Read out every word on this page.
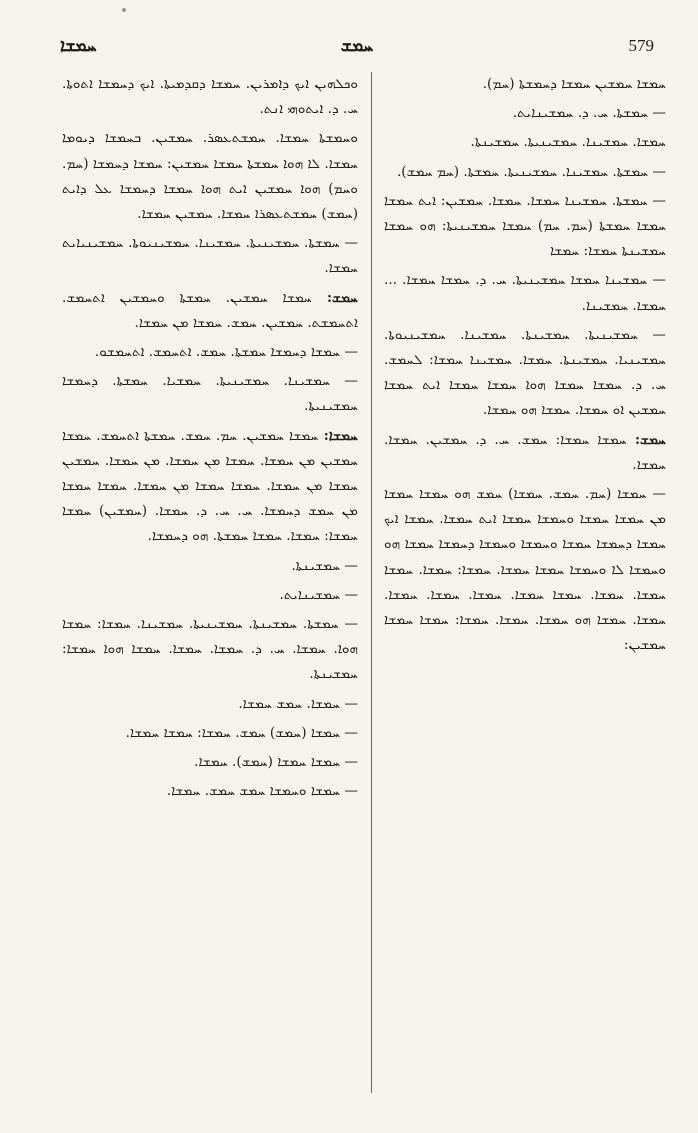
ܚܡܫܐ	ܚܡܫ	579

ܘܟܠܗܝܢ ܐܝܟ ܕܐܡܪܝܢ. ܚܡܫܐ ܕܩܕܡܝܬܐ. ܐܝܟ ܕܚܡܫܐ ܐܬܘܬܐ. ܚ. ܕ. ܐܝܬܘܗܝ ܐܢܬ.

ܘܚܡܫܬܐ ܚܡܫܐ. ܚܡܫܬܥܣܪ. ܚܡܫܝܢ. ܒܚܡܫܐ ܕܝܘܡܐ ܚܡܫܐ. ܠܐ ܗܘܐ ܚܡܫܬܐ ܚܡܫܐ ܚܡܫܝܢ: ܚܡܫܐ ܕܚܡܫܐ (ܚܡ. ܘܚܡ) ܗܘܐ ܚܡܫܝܢ ܐܝܬ ܗܘܐ ܚܡܫܐ ܕܚܡܫܐ ܥܠ ܕܐܝܬ (ܚܡܫ) ܚܡܫܬܥܣܪܐ ܚܡܫܐ. ܚܡܫܝܢ ܚܡܫܐ.

— ܚܡܫܬܐ. ܚܡܫܝܢܝܬܐ. ܚܡܫܝܢܐ. ܚܡܫܝܢܝܘܬܐ. ܚܡܫܝܢܝܐܝܬ ܚܡܫܐ.

ܚܡܫ: ܚܡܫܐ ܚܡܫܝܢ. ܚܡܫܬܐ ܘܚܡܫܝܢ ܐܬܚܡܫ. ܐܬܚܡܫܬ. ܚܡܫܝܢ. ܚܡܫ. ܚܡܫܐ ܡܢ ܚܡܫܐ.

— ܚܡܫܐ ܕܚܡܫܐ ܚܡܫܬܐ. ܚܡܫ. ܐܬܚܡܫ. ܐܬܚܡܫܘ.

— ܚܡܫܝܢܐ. ܚܡܫܝܢܝܬܐ. ܚܡܫܝܐ. ܚܡܫܬܐ. ܕܚܡܫܐ ܚܡܫܝܢܝܬܐ.

ܚܡܫܐ: ܚܡܫܐ ܚܡܫܝܢ. ܚܡ. ܚܡܫ. ܚܡܫܬܐ ܐܬܚܡܫ. ܚܡܫܐ ܚܡܫܝܢ ܡܢ ܚܡܫܐ. ܚܡܫܐ ܡܢ ܚܡܫܐ. ܡܢ ܚܡܫܐ. ܚܡܫܝܢ ܚܡܫܐ ܡܢ ܚܡܫܐ. ܚܡܫܐ ܚܡܫܐ ܡܢ ܚܡܫܐ. ܚܡܫܐ ܚܡܫܐ ܡܢ ܚܡܫ ܕܚܡܫܐ. ܚ. ܚ. ܕ. ܚܡܫܐ. (ܚܡܫܝܢ) ܚܡܫܐ ܚܡܫܐ: ܚܡܫܐ. ܚܡܫܐ ܚܡܫܬܐ. ܗܘ ܕܚܡܫܐ.

— ܚܡܫܝܢܬܐ.

— ܚܡܫܝܢܐܝܬ.

— ܚܡܫܬܐ. ܚܡܫܝܢܬܐ. ܚܡܫܝܢܝܬܐ. ܚܡܫܝܢܐ. ܚܡܫܐ: ܚܡܫܐ ܗܘܐ. ܚܡܫܐ. ܚ. ܕ. ܚܡܫܐ. ܚܡܫܐ. ܚܡܫܐ ܗܘܐ ܚܡܫܐ: ܚܡܫܝܢܬܐ.

— ܚܡܫܐ. ܚܡܫ ܚܡܫܐ.

— ܚܡܫܐ (ܚܡܫ) ܚܡܫ. ܚܡܫܐ: ܚܡܫܐ ܚܡܫܐ.

— ܚܡܫܐ ܚܡܫܐ (ܚܡܫ). ܚܡܫܐ.

— ܚܡܫܐ ܘܚܡܫܐ ܚܡܫ ܚܡܫ. ܚܡܫܐ.

ܚܡܫܐ ܚܡܫܝܢ ܚܡܫܐ ܕܚܡܫܬܐ (ܚܡ).

— ܚܡܫܬܐ. ܚ. ܕ. ܚܡܫܝܢܐܝܬ.

ܚܡܫܐ. ܚܡܫܝܢܐ. ܚܡܫܝܢܝܬܐ. ܚܡܫܝܢܬܐ.

— ܚܡܫܬܐ. ܚܡܫܝܢܐ. ܚܡܫܝܢܝܬܐ. ܚܡܫܬܐ. (ܚܡ ܚܡܫ).

— ܚܡܫܬܐ. ܚܡܫܝܢܐ ܚܡܫܐ. ܚܡܫܐ. ܚܡܫܝܢ: ܐܝܬ ܚܡܫܐ ܚܡܫܐ ܚܡܫܬܐ (ܚܡ. ܚܡ) ܚܡܫܐ ܚܡܫܝܢܝܬܐ: ܗܘ ܚܡܫܐ ܚܡܫܝܢܬܐ ܚܡܫܐ: ܚܡܫܐ

— ܚܡܫܝܢܐ ܚܡܫܐ ܚܡܫܝܢܝܬܐ. ܚ. ܕ. ܚܡܫܐ ܚܡܫܐ. ... ܚܡܫܐ. ܚܡܫܝܢܐ.

— ܚܡܫܝܢܝܬܐ. ܚܡܫܝܢܬܐ. ܚܡܫܝܢܐ. ܚܡܫܝܢܝܘܬܐ. ܚܡܫܝܢܝܐ. ܚܡܫܝܢܬܐ. ܚܡܫܐ. ܚܡܫܝܢܐ ܚܡܫܐ: ܠܚܡܫ. ܚ. ܕ. ܚܡܫܐ ܚܡܫܐ ܗܘܐ ܚܡܫܐ ܚܡܫܐ ܐܝܬ ܚܡܫܐ ܚܡܫܝܢ ܐܘ ܚܡܫܐ. ܚܡܫܐ ܗܘ ܚܡܫܐ.

ܚܡܫ: ܚܡܫܐ ܚܡܫܐ: ܚܡܫ. ܚ. ܕ. ܚܡܫܝܢ. ܚܡܫܐ. ܚܡܫܐ.

— ܚܡܫܐ (ܚܡ. ܚܡܫ. ܚܡܫܐ) ܚܡܫ ܗܘ ܚܡܫܐ ܚܡܫܐ ܡܢ ܚܡܫܐ ܚܡܫܐ ܘܚܡܫܐ ܚܡܫܐ ܐܝܬ ܚܡܫܐ. ܚܡܫܐ ܐܝܟ ܚܡܫܐ ܕܚܡܫܐ ܚܡܫܐ ܘܚܡܫܐ ܘܚܡܫܐ ܕܚܡܫܐ ܚܡܫܐ ܗܘ ܘܚܡܫܐ ܠܐ ܘܚܡܫܐ ܚܡܫܐ ܚܡܫܐ. ܚܡܫܐ: ܚܡܫܐ. ܚܡܫܐ ܚܡܫܐ. ܚܡܫܐ. ܚܡܫܐ ܚܡܫܐ. ܚܡܫܐ. ܚܡܫܐ. ܚܡܫܐ. ܚܡܫܐ. ܚܡܫܐ ܗܘ ܚܡܫܐ. ܚܡܫܐ. ܚܡܫܐ: ܚܡܫܐ ܚܡܫܐ ܚܡܫܝܢ:
